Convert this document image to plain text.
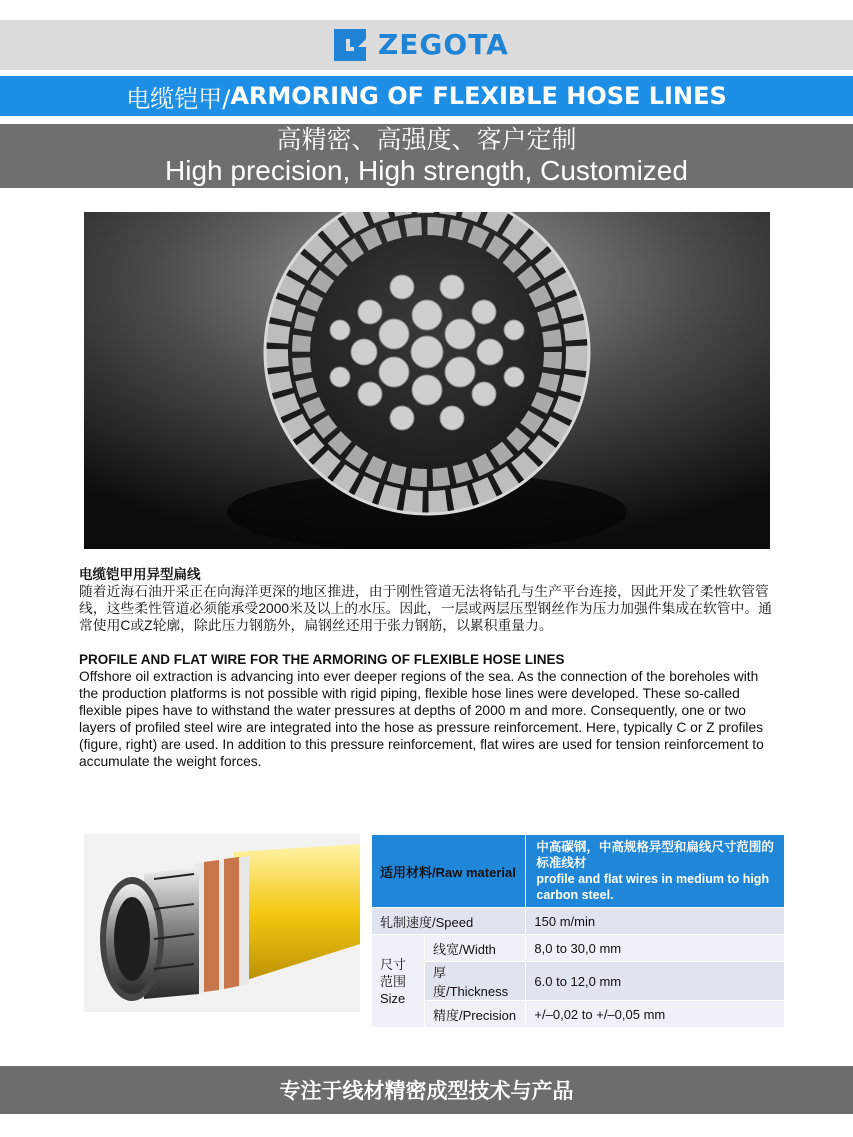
ZEGOTA
电缆铠甲/ ARMORING OF FLEXIBLE HOSE LINES
高精密、高强度、客户定制
High precision, High strength, Customized
电缆铠甲用异型扁线

随着近海石油开采正在向海洋更深的地区推进，由于刚性管道无法将钻孔与生产平台连接，因此开发了柔性软管管线，这些柔性管道必须能承受2000米及以上的水压。因此，一层或两层压型钢丝作为压力加强件集成在软管中。通常使用C或Z轮廓，除此压力钢筋外，扁钢丝还用于张力钢筋，以累积重量力。

PROFILE AND FLAT WIRE FOR THE ARMORING OF FLEXIBLE HOSE LINES

Offshore oil extraction is advancing into ever deeper regions of the sea. As the connection of the boreholes with the production platforms is not possible with rigid piping, flexible hose lines were developed. These so-called flexible pipes have to withstand the water pressures at depths of 2000 m and more. Consequently, one or two layers of profiled steel wire are integrated into the hose as pressure reinforcement. Here, typically C or Z profiles (figure, right) are used. In addition to this pressure reinforcement, flat wires are used for tension reinforcement to accumulate the weight forces.

适用材料/Raw material		中高碳钢，中高规格异型和扁线尺寸范围的标准线材
profile and flat wires in medium to high carbon steel.

轧制速度/Speed		150 m/min

尺寸范围
Size	线宽/Width	8,0 to 30,0 mm
	厚度/Thickness	6.0 to 12,0 mm
	精度/Precision	+/–0,02 to +/–0,05 mm
专注于线材精密成型技术与产品
